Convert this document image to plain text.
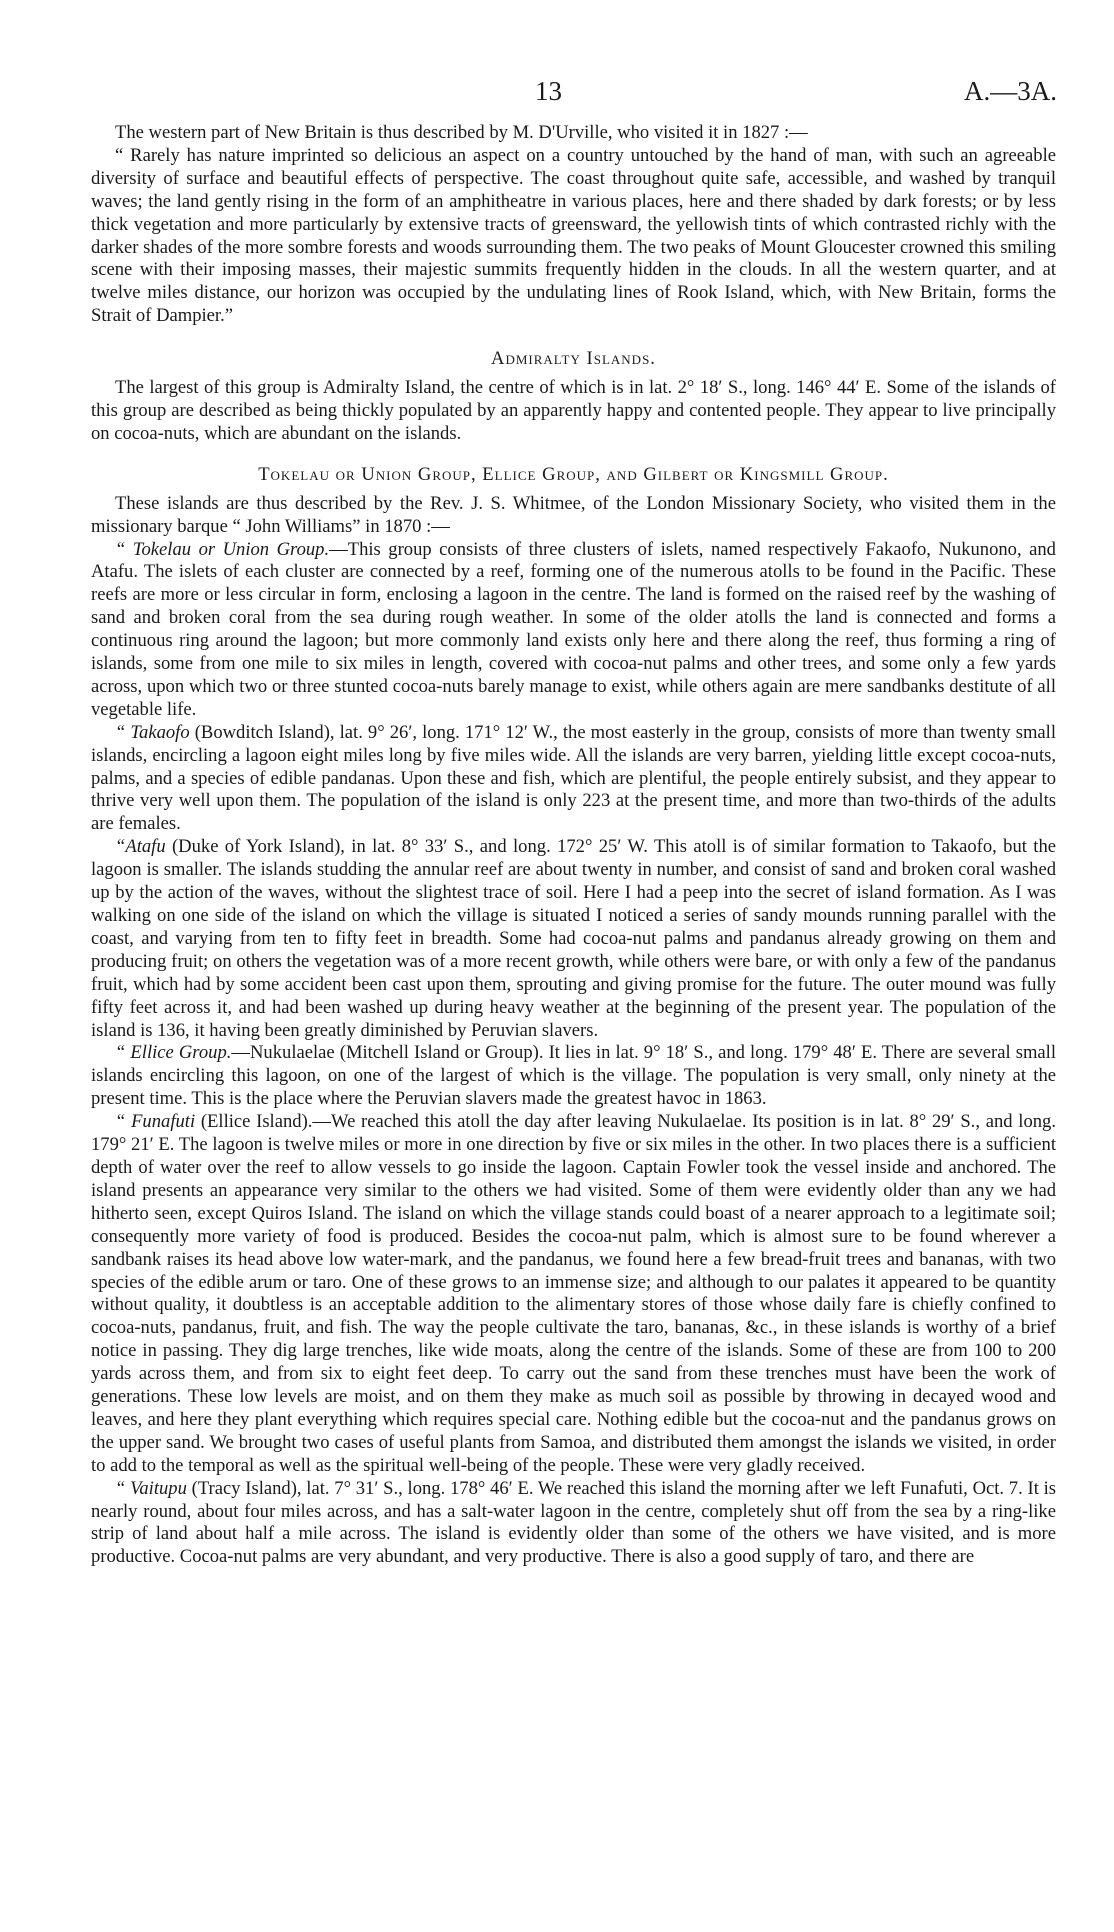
13	A.—3A.

The western part of New Britain is thus described by M. D'Urville, who visited it in 1827 :—

“ Rarely has nature imprinted so delicious an aspect on a country untouched by the hand of man, with such an agreeable diversity of surface and beautiful effects of perspective. The coast throughout quite safe, accessible, and washed by tranquil waves; the land gently rising in the form of an amphitheatre in various places, here and there shaded by dark forests; or by less thick vegetation and more particularly by extensive tracts of greensward, the yellowish tints of which contrasted richly with the darker shades of the more sombre forests and woods surrounding them. The two peaks of Mount Gloucester crowned this smiling scene with their imposing masses, their majestic summits frequently hidden in the clouds. In all the western quarter, and at twelve miles distance, our horizon was occupied by the undulating lines of Rook Island, which, with New Britain, forms the Strait of Dampier.”

Admiralty Islands.

The largest of this group is Admiralty Island, the centre of which is in lat. 2° 18′ S., long. 146° 44′ E. Some of the islands of this group are described as being thickly populated by an apparently happy and contented people. They appear to live principally on cocoa-nuts, which are abundant on the islands.

Tokelau or Union Group, Ellice Group, and Gilbert or Kingsmill Group.

These islands are thus described by the Rev. J. S. Whitmee, of the London Missionary Society, who visited them in the missionary barque “ John Williams” in 1870 :—

“ Tokelau or Union Group.—This group consists of three clusters of islets, named respectively Fakaofo, Nukunono, and Atafu. The islets of each cluster are connected by a reef, forming one of the numerous atolls to be found in the Pacific. These reefs are more or less circular in form, enclosing a lagoon in the centre. The land is formed on the raised reef by the washing of sand and broken coral from the sea during rough weather. In some of the older atolls the land is connected and forms a continuous ring around the lagoon; but more commonly land exists only here and there along the reef, thus forming a ring of islands, some from one mile to six miles in length, covered with cocoa-nut palms and other trees, and some only a few yards across, upon which two or three stunted cocoa-nuts barely manage to exist, while others again are mere sandbanks destitute of all vegetable life.

“ Takaofo (Bowditch Island), lat. 9° 26′, long. 171° 12′ W., the most easterly in the group, consists of more than twenty small islands, encircling a lagoon eight miles long by five miles wide. All the islands are very barren, yielding little except cocoa-nuts, palms, and a species of edible pandanas. Upon these and fish, which are plentiful, the people entirely subsist, and they appear to thrive very well upon them. The population of the island is only 223 at the present time, and more than two-thirds of the adults are females.

“Atafu (Duke of York Island), in lat. 8° 33′ S., and long. 172° 25′ W. This atoll is of similar formation to Takaofo, but the lagoon is smaller. The islands studding the annular reef are about twenty in number, and consist of sand and broken coral washed up by the action of the waves, without the slightest trace of soil. Here I had a peep into the secret of island formation. As I was walking on one side of the island on which the village is situated I noticed a series of sandy mounds running parallel with the coast, and varying from ten to fifty feet in breadth. Some had cocoa-nut palms and pandanus already growing on them and producing fruit; on others the vegetation was of a more recent growth, while others were bare, or with only a few of the pandanus fruit, which had by some accident been cast upon them, sprouting and giving promise for the future. The outer mound was fully fifty feet across it, and had been washed up during heavy weather at the beginning of the present year. The population of the island is 136, it having been greatly diminished by Peruvian slavers.

“ Ellice Group.—Nukulaelae (Mitchell Island or Group). It lies in lat. 9° 18′ S., and long. 179° 48′ E. There are several small islands encircling this lagoon, on one of the largest of which is the village. The population is very small, only ninety at the present time. This is the place where the Peruvian slavers made the greatest havoc in 1863.

“ Funafuti (Ellice Island).—We reached this atoll the day after leaving Nukulaelae. Its position is in lat. 8° 29′ S., and long. 179° 21′ E. The lagoon is twelve miles or more in one direction by five or six miles in the other. In two places there is a sufficient depth of water over the reef to allow vessels to go inside the lagoon. Captain Fowler took the vessel inside and anchored. The island presents an appearance very similar to the others we had visited. Some of them were evidently older than any we had hitherto seen, except Quiros Island. The island on which the village stands could boast of a nearer approach to a legitimate soil; consequently more variety of food is produced. Besides the cocoa-nut palm, which is almost sure to be found wherever a sandbank raises its head above low water-mark, and the pandanus, we found here a few bread-fruit trees and bananas, with two species of the edible arum or taro. One of these grows to an immense size; and although to our palates it appeared to be quantity without quality, it doubtless is an acceptable addition to the alimentary stores of those whose daily fare is chiefly confined to cocoa-nuts, pandanus, fruit, and fish. The way the people cultivate the taro, bananas, &c., in these islands is worthy of a brief notice in passing. They dig large trenches, like wide moats, along the centre of the islands. Some of these are from 100 to 200 yards across them, and from six to eight feet deep. To carry out the sand from these trenches must have been the work of generations. These low levels are moist, and on them they make as much soil as possible by throwing in decayed wood and leaves, and here they plant everything which requires special care. Nothing edible but the cocoa-nut and the pandanus grows on the upper sand. We brought two cases of useful plants from Samoa, and distributed them amongst the islands we visited, in order to add to the temporal as well as the spiritual well-being of the people. These were very gladly received.

“ Vaitupu (Tracy Island), lat. 7° 31′ S., long. 178° 46′ E. We reached this island the morning after we left Funafuti, Oct. 7. It is nearly round, about four miles across, and has a salt-water lagoon in the centre, completely shut off from the sea by a ring-like strip of land about half a mile across. The island is evidently older than some of the others we have visited, and is more productive. Cocoa-nut palms are very abundant, and very productive. There is also a good supply of taro, and there are
